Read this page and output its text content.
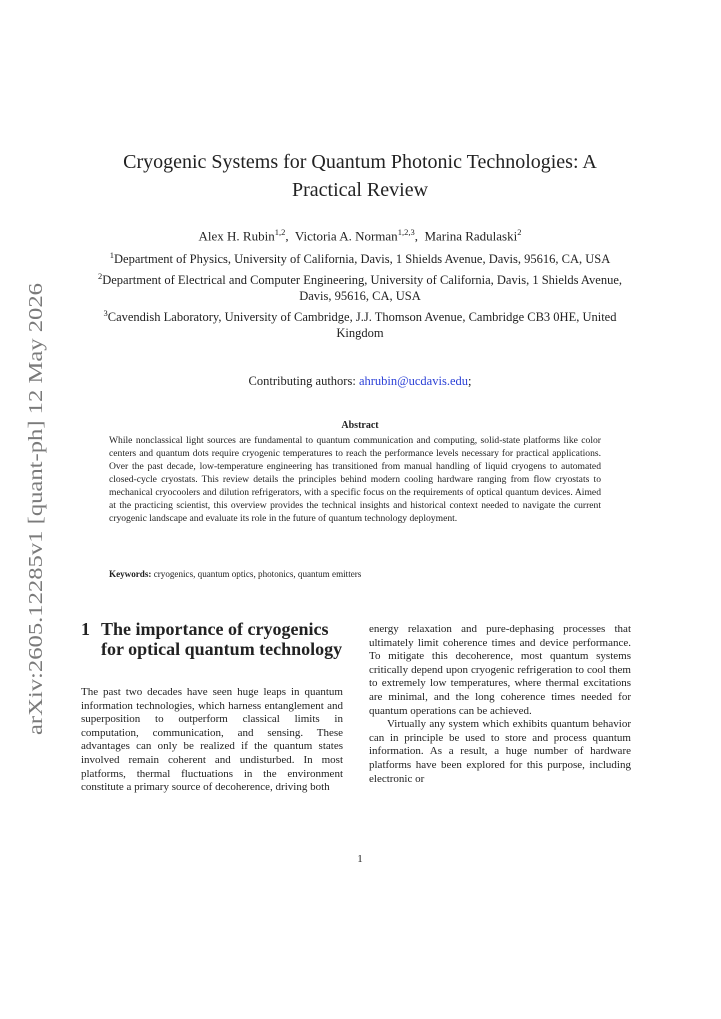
arXiv:2605.12285v1 [quant-ph] 12 May 2026
Cryogenic Systems for Quantum Photonic Technologies: A
Practical Review
Alex H. Rubin$^{1,2}$,  Victoria A. Norman$^{1,2,3}$,  Marina Radulaski$^2$
$^1$Department of Physics, University of California, Davis, 1 Shields Avenue, Davis, 95616, CA, USA
$^2$Department of Electrical and Computer Engineering, University of California, Davis, 1 Shields Avenue, Davis, 95616, CA, USA
$^3$Cavendish Laboratory, University of Cambridge, J.J. Thomson Avenue, Cambridge CB3 0HE, United Kingdom
Contributing authors: ahrubin@ucdavis.edu;
Abstract
While nonclassical light sources are fundamental to quantum communication and computing, solid-state platforms like color centers and quantum dots require cryogenic temperatures to reach the performance levels necessary for practical applications. Over the past decade, low-temperature engineering has transitioned from manual handling of liquid cryogens to automated closed-cycle cryostats. This review details the principles behind modern cooling hardware ranging from flow cryostats to mechanical cryocoolers and dilution refrigerators, with a specific focus on the requirements of optical quantum devices. Aimed at the practicing scientist, this overview provides the technical insights and historical context needed to navigate the current cryogenic landscape and evaluate its role in the future of quantum technology deployment.
Keywords: cryogenics, quantum optics, photonics, quantum emitters
1 The importance of cryogenics for optical quantum technology

The past two decades have seen huge leaps in quantum information technologies, which harness entanglement and superposition to outperform classical limits in computation, communication, and sensing. These advantages can only be realized if the quantum states involved remain coherent and undisturbed. In most platforms, thermal fluctuations in the environment constitute a primary source of decoherence, driving both

energy relaxation and pure-dephasing processes that ultimately limit coherence times and device performance. To mitigate this decoherence, most quantum systems critically depend upon cryogenic refrigeration to cool them to extremely low temperatures, where thermal excitations are minimal, and the long coherence times needed for quantum operations can be achieved.

Virtually any system which exhibits quantum behavior can in principle be used to store and process quantum information. As a result, a huge number of hardware platforms have been explored for this purpose, including electronic or

1
